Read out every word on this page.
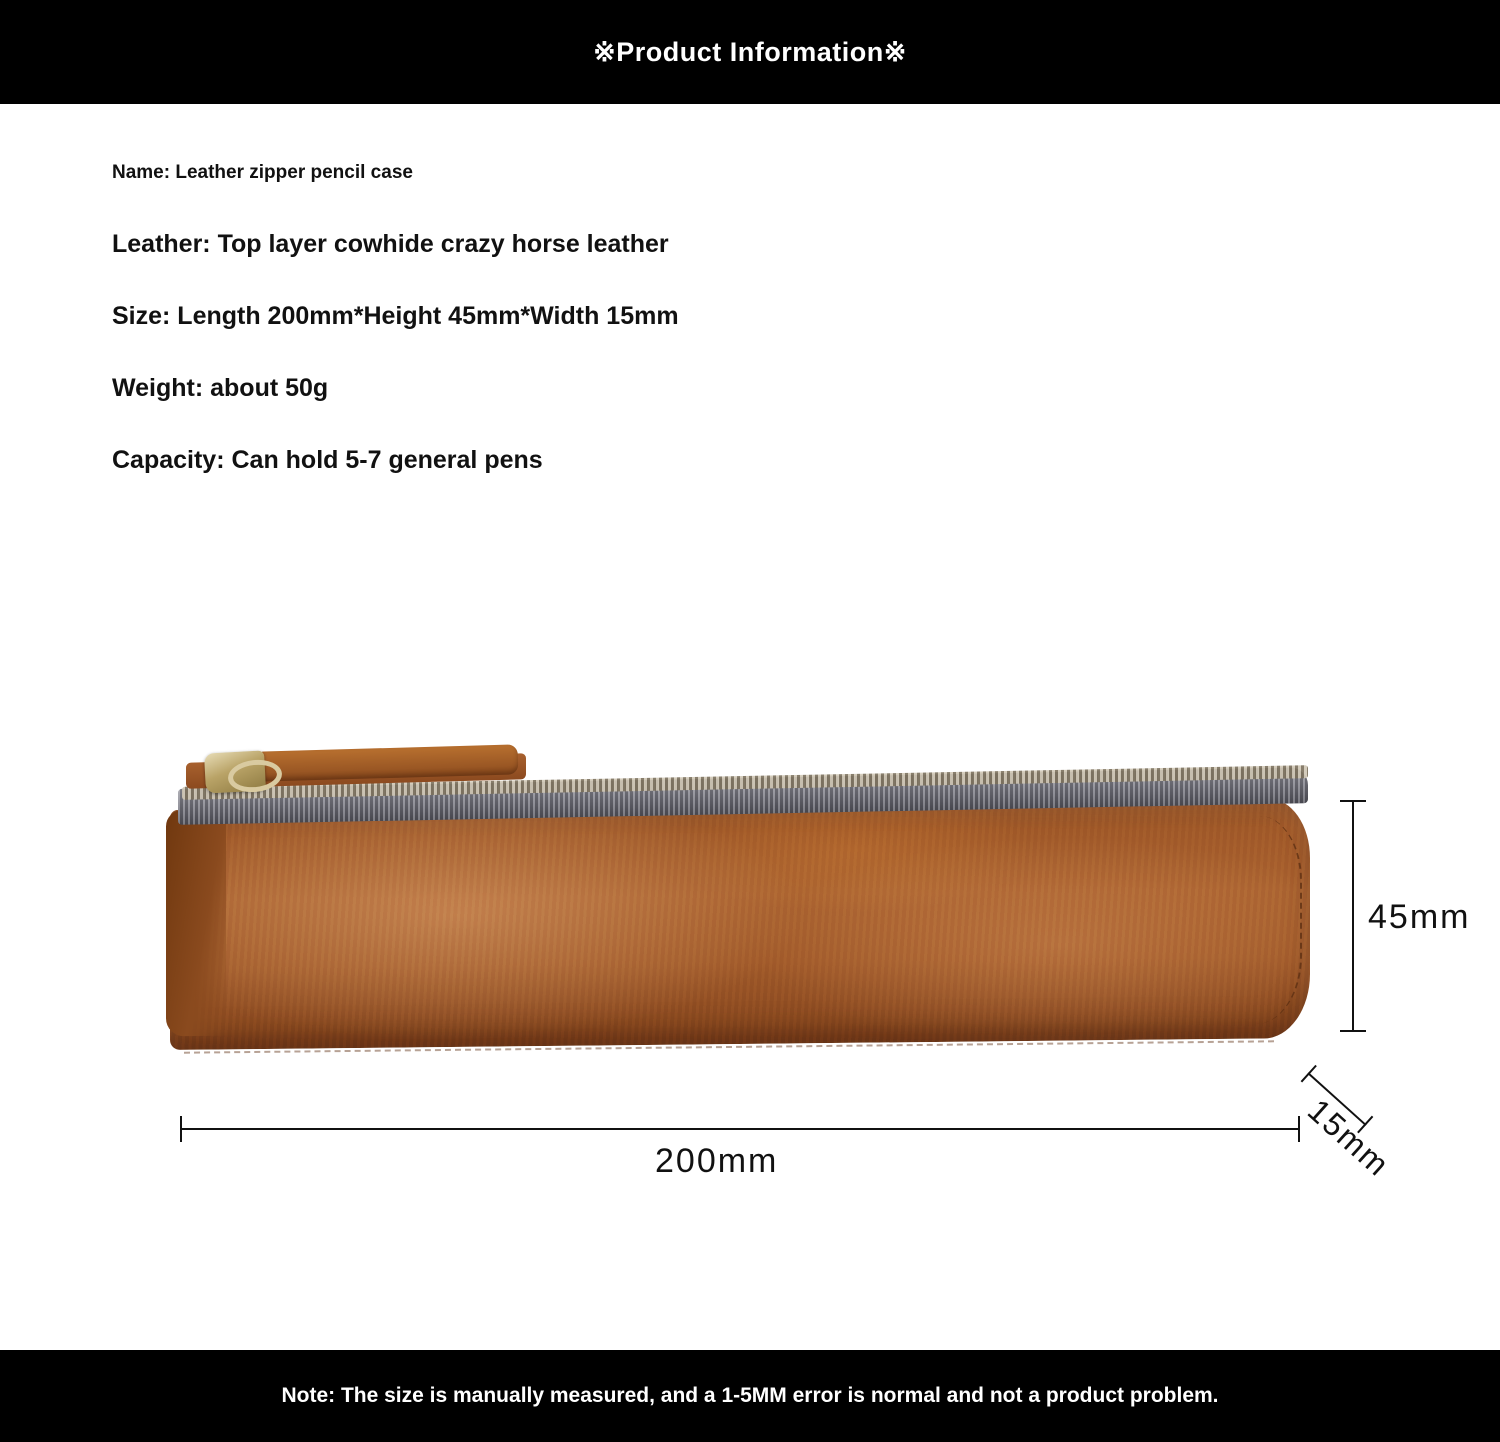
※Product Information※
Name: Leather zipper pencil case
Leather: Top layer cowhide crazy horse leather
Size: Length 200mm*Height 45mm*Width 15mm
Weight: about 50g
Capacity: Can hold 5-7 general pens
45mm
200mm	15mm
Note: The size is manually measured, and a 1-5MM error is normal and not a product problem.
